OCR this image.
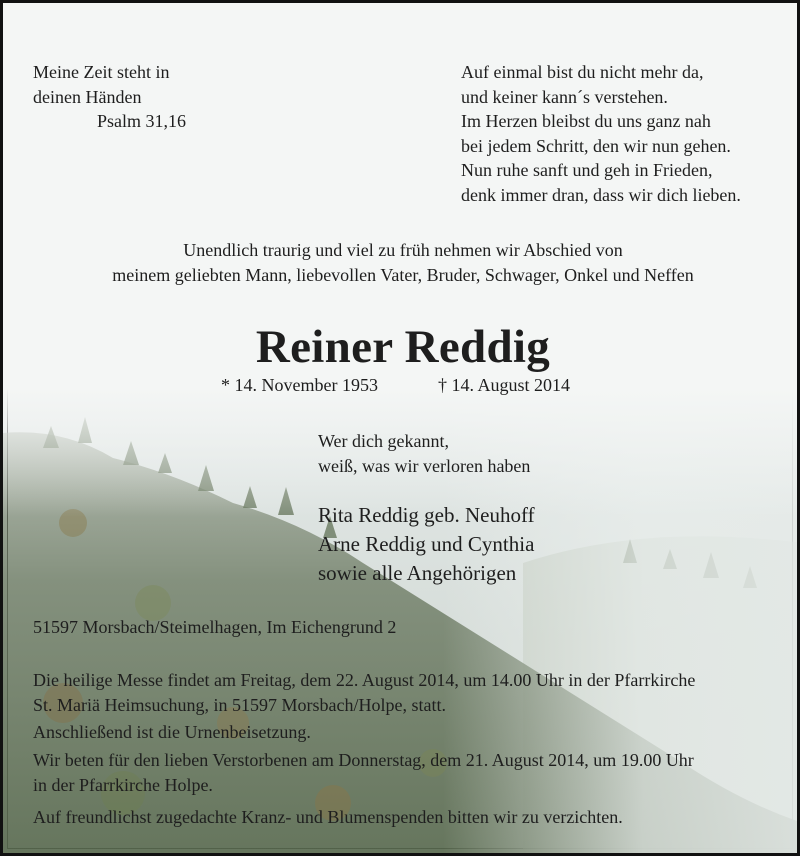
Meine Zeit steht in
deinen Händen
Psalm 31,16
Auf einmal bist du nicht mehr da,
und keiner kann´s verstehen.
Im Herzen bleibst du uns ganz nah
bei jedem Schritt, den wir nun gehen.
Nun ruhe sanft und geh in Frieden,
denk immer dran, dass wir dich lieben.
Unendlich traurig und viel zu früh nehmen wir Abschied von
meinem geliebten Mann, liebevollen Vater, Bruder, Schwager, Onkel und Neffen
Reiner Reddig
* 14. November 1953	† 14. August 2014
Wer dich gekannt,
weiß, was wir verloren haben
Rita Reddig geb. Neuhoff
Arne Reddig und Cynthia
sowie alle Angehörigen
51597 Morsbach/Steimelhagen, Im Eichengrund 2
Die heilige Messe findet am Freitag, dem 22. August 2014, um 14.00 Uhr in der Pfarrkirche
St. Mariä Heimsuchung, in 51597 Morsbach/Holpe, statt.
Anschließend ist die Urnenbeisetzung.
Wir beten für den lieben Verstorbenen am Donnerstag, dem 21. August 2014, um 19.00 Uhr
in der Pfarrkirche Holpe.
Auf freundlichst zugedachte Kranz- und Blumenspenden bitten wir zu verzichten.
